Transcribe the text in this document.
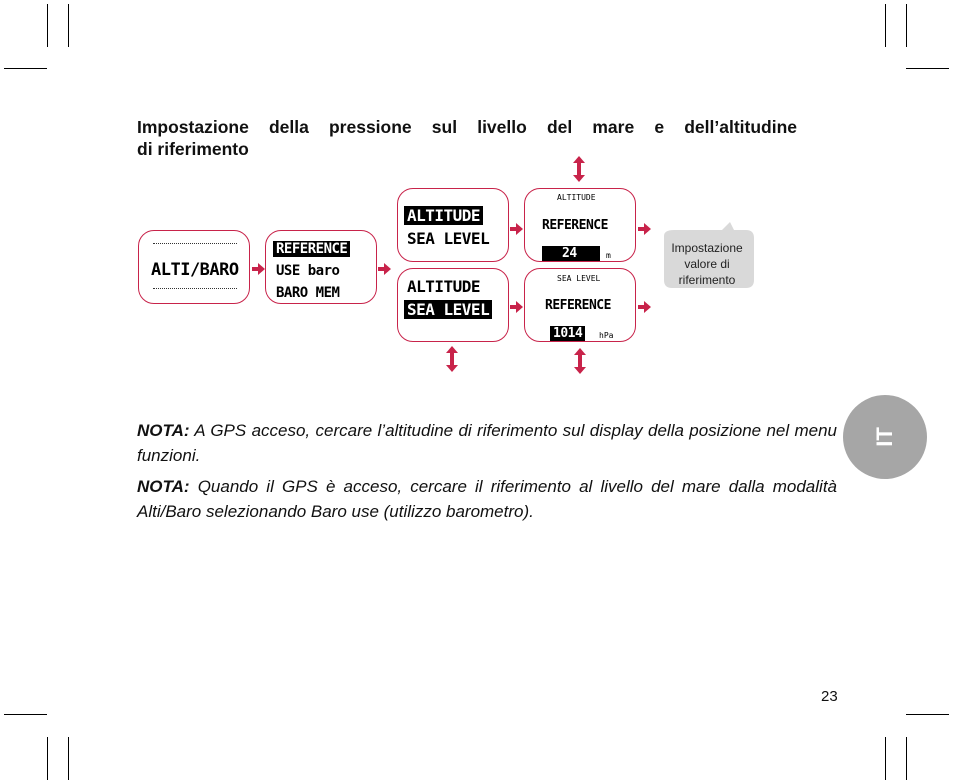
Impostazione della pressione sul livello del mare e dell’altitudine
di riferimento
ALTI/BARO
REFERENCE
USE baro
BARO MEM
ALTITUDE
SEA LEVEL
ALTITUDE
SEA LEVEL
ALTITUDE
REFERENCE
24	m
SEA LEVEL
REFERENCE
1014	hPa
Impostazione valore di riferimento

NOTA: A GPS acceso, cercare l’altitudine di riferimento sul display della posizione nel menu funzioni.

NOTA: Quando il GPS è acceso, cercare il riferimento al livello del mare dalla modalità Alti/Baro selezionando Baro use (utilizzo barometro).

IT
23
